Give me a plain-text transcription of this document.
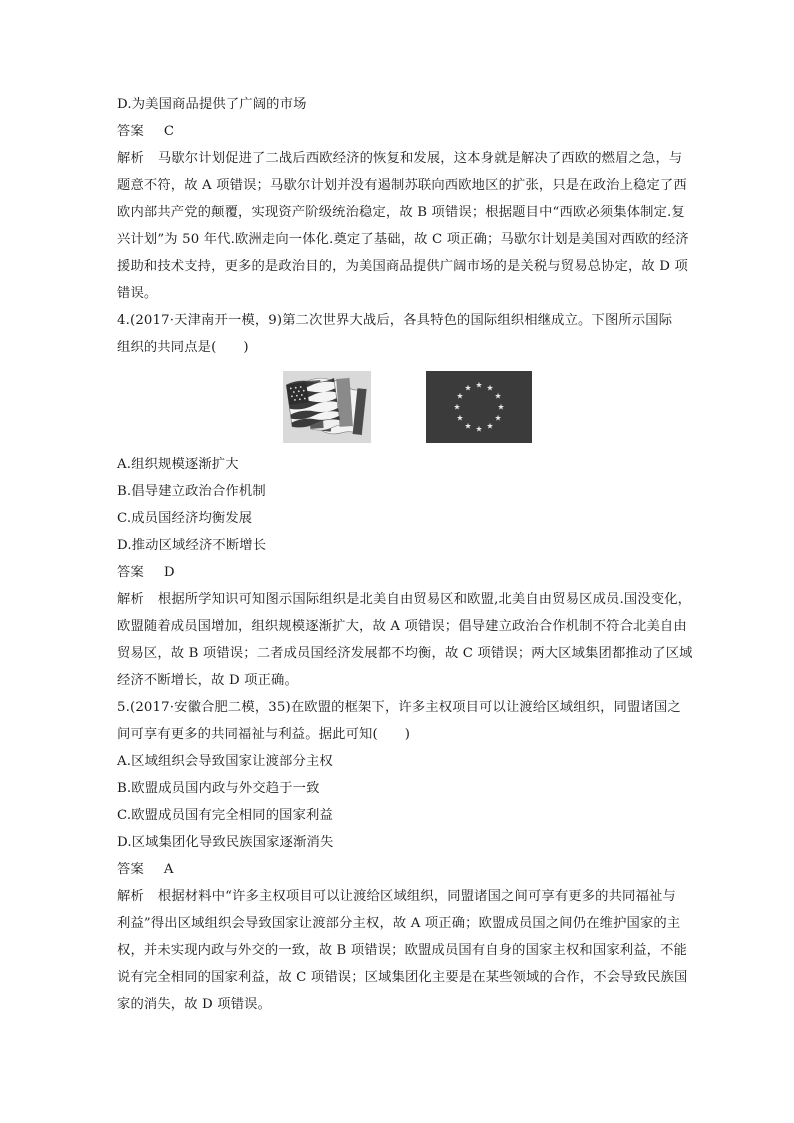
D.为美国商品提供了广阔的市场
答案 C
解析 马歇尔计划促进了二战后西欧经济的恢复和发展，这本身就是解决了西欧的燃眉之急，与
题意不符，故 A 项错误；马歇尔计划并没有遏制苏联向西欧地区的扩张，只是在政治上稳定了西
欧内部共产党的颠覆，实现资产阶级统治稳定，故 B 项错误；根据题目中“西欧必须集体制定.复
兴计划”为 50 年代.欧洲走向一体化.奠定了基础，故 C 项正确；马歇尔计划是美国对西欧的经济
援助和技术支持，更多的是政治目的，为美国商品提供广阔市场的是关税与贸易总协定，故 D 项
错误。
4.(2017·天津南开一模，9)第二次世界大战后，各具特色的国际组织相继成立。下图所示国际
组织的共同点是(　　)
A.组织规模逐渐扩大
B.倡导建立政治合作机制
C.成员国经济均衡发展
D.推动区域经济不断增长
答案 D
解析 根据所学知识可知图示国际组织是北美自由贸易区和欧盟,北美自由贸易区成员.国没变化，
欧盟随着成员国增加，组织规模逐渐扩大，故 A 项错误；倡导建立政治合作机制不符合北美自由
贸易区，故 B 项错误；二者成员国经济发展都不均衡，故 C 项错误；两大区域集团都推动了区域
经济不断增长，故 D 项正确。
5.(2017·安徽合肥二模，35)在欧盟的框架下，许多主权项目可以让渡给区域组织，同盟诸国之
间可享有更多的共同福祉与利益。据此可知(　　)
A.区域组织会导致国家让渡部分主权
B.欧盟成员国内政与外交趋于一致
C.欧盟成员国有完全相同的国家利益
D.区域集团化导致民族国家逐渐消失
答案 A
解析 根据材料中“许多主权项目可以让渡给区域组织，同盟诸国之间可享有更多的共同福祉与
利益”得出区域组织会导致国家让渡部分主权，故 A 项正确；欧盟成员国之间仍在维护国家的主
权，并未实现内政与外交的一致，故 B 项错误；欧盟成员国有自身的国家主权和国家利益，不能
说有完全相同的国家利益，故 C 项错误；区域集团化主要是在某些领域的合作，不会导致民族国
家的消失，故 D 项错误。
